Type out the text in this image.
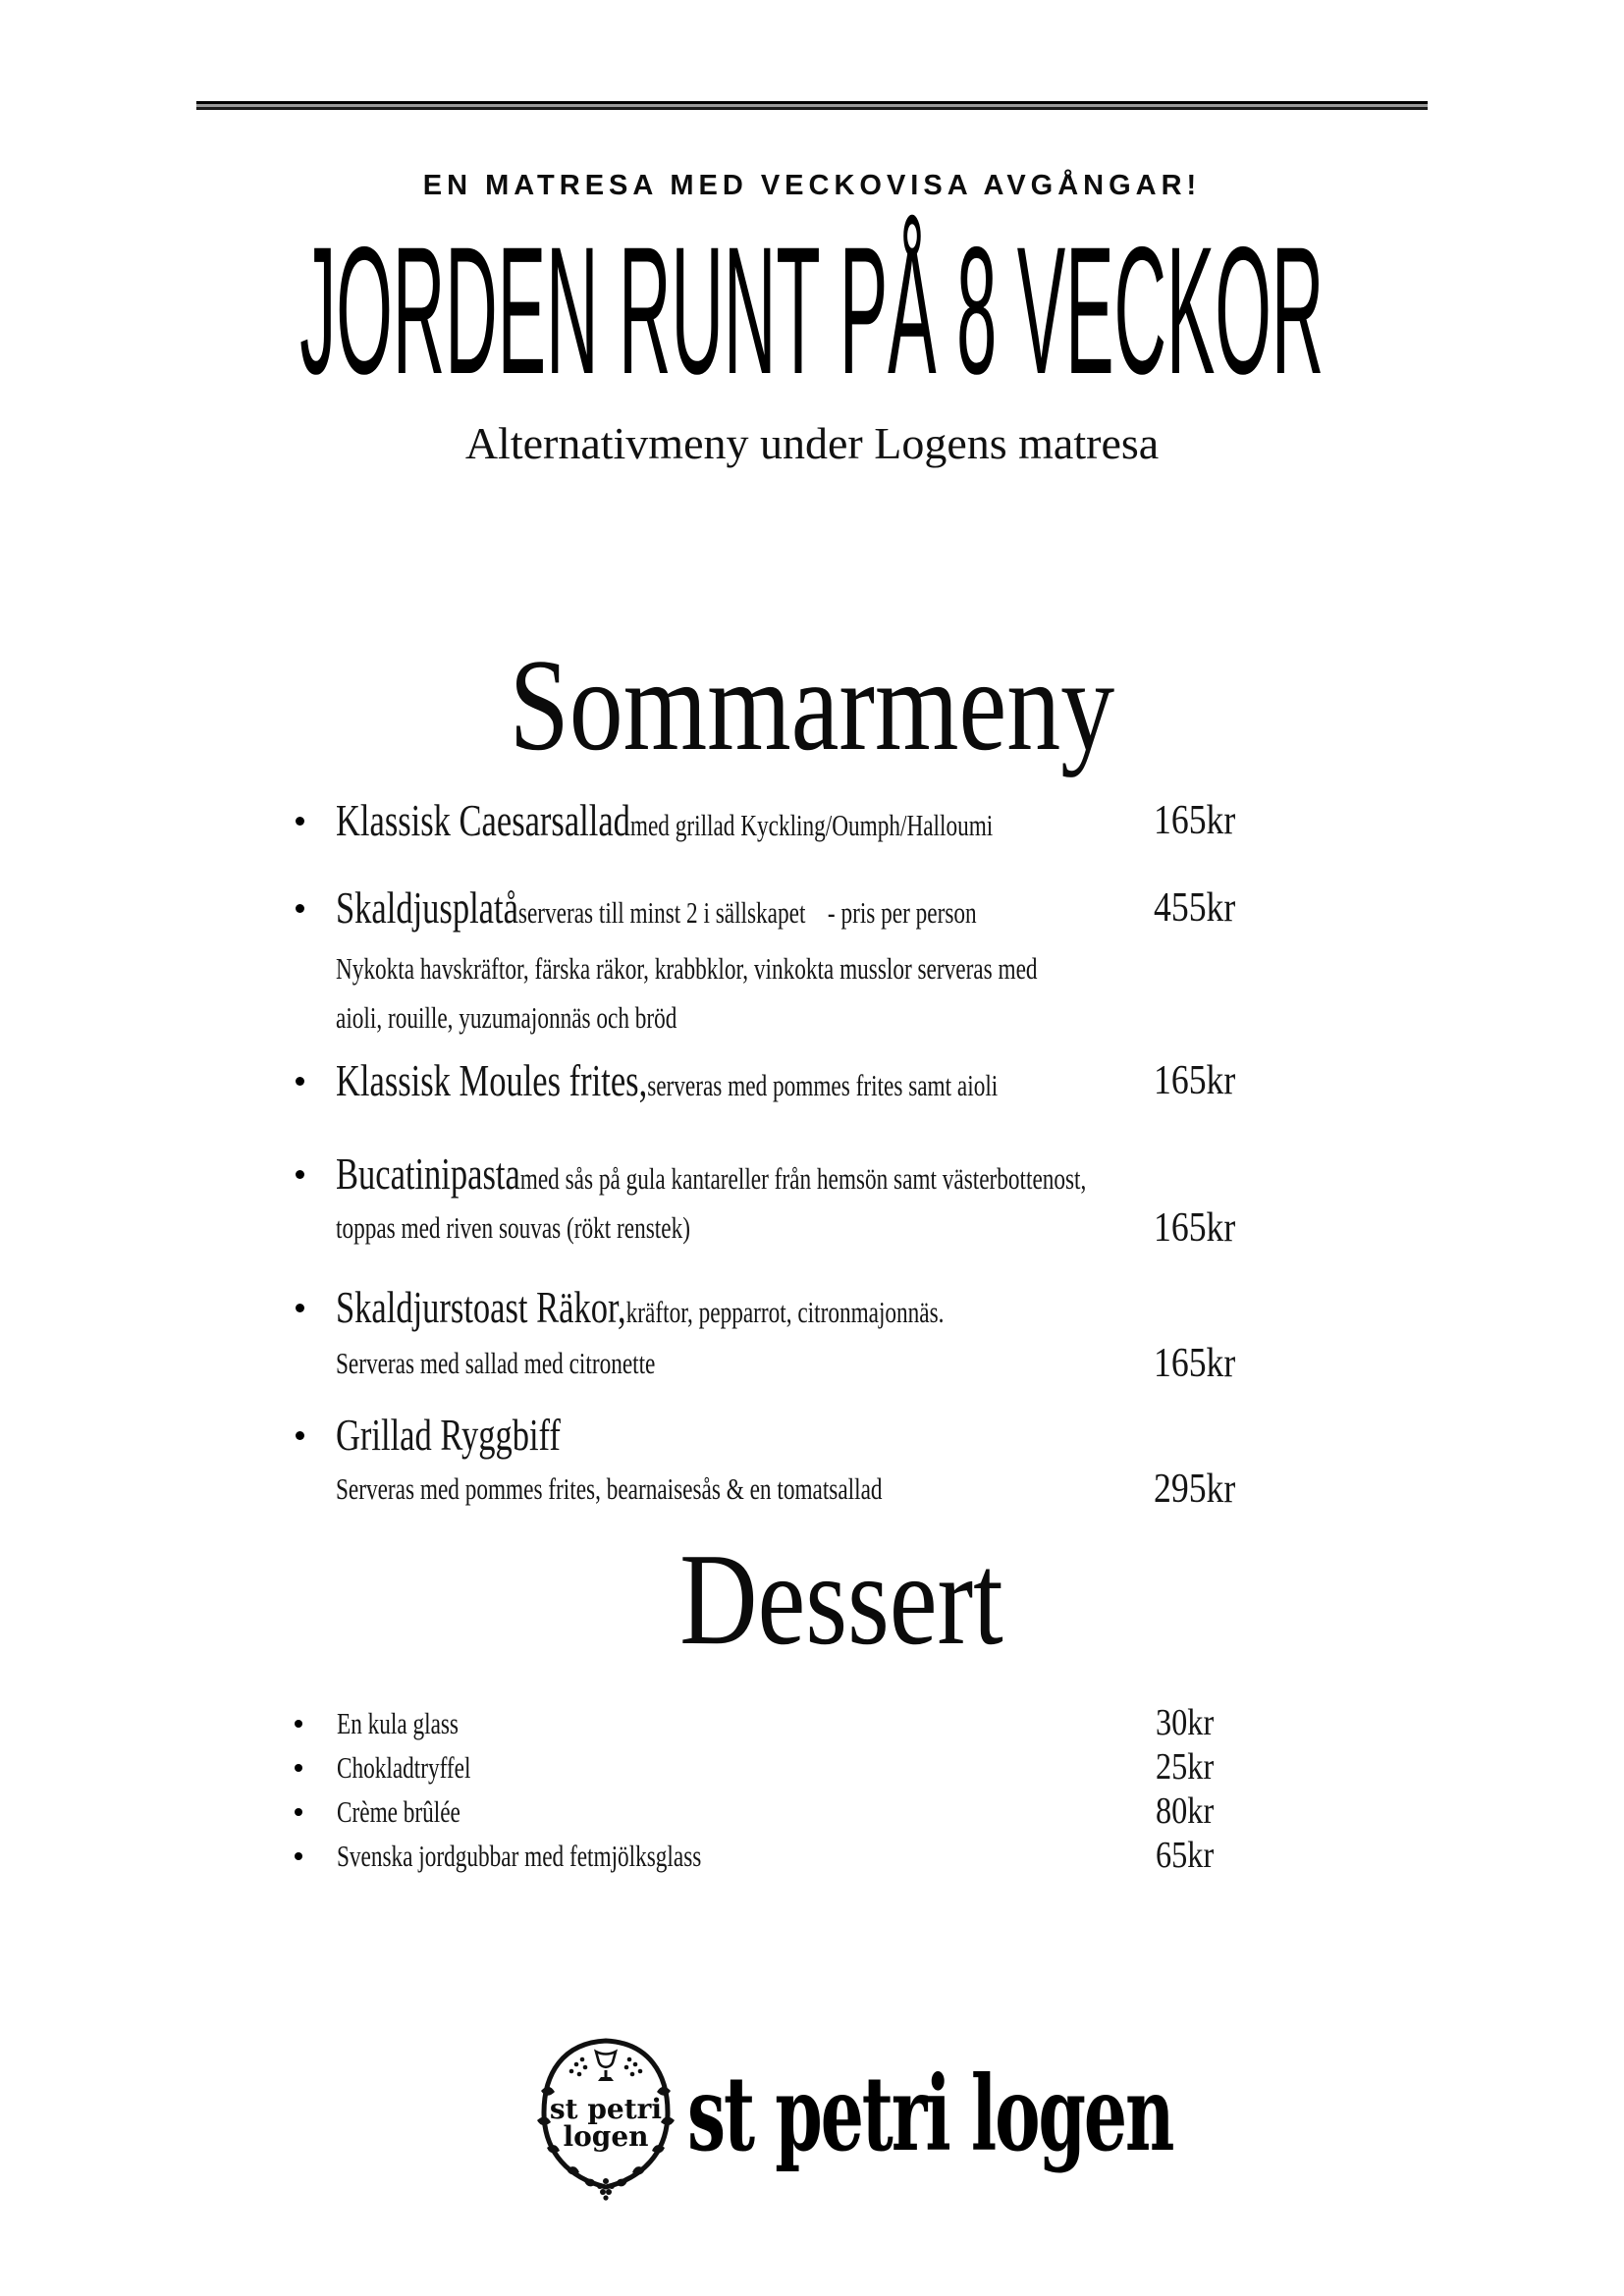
EN MATRESA MED VECKOVISA AVGÅNGAR!
JORDEN RUNT PÅ 8 VECKOR
Alternativmeny under Logens matresa
Sommarmeny
Klassisk Caesarsalladmed grillad Kyckling/Oumph/Halloumi	165kr
Skaldjusplatåserveras till minst 2 i sällskapet - pris per person	455kr
Nykokta havskräftor, färska räkor, krabbklor, vinkokta musslor serveras med
aioli, rouille, yuzumajonnäs och bröd
Klassisk Moules frites,serveras med pommes frites samt aioli	165kr
Bucatinipastamed sås på gula kantareller från hemsön samt västerbottenost,
toppas med riven souvas (rökt renstek)	165kr
Skaldjurstoast Räkor,kräftor, pepparrot, citronmajonnäs.
Serveras med sallad med citronette	165kr
Grillad Ryggbiff
Serveras med pommes frites, bearnaisesås & en tomatsallad	295kr
Dessert
En kula glass	30kr
Chokladtryffel	25kr
Crème brûlée	80kr
Svenska jordgubbar med fetmjölksglass	65kr
st petri
logen st petri logen
